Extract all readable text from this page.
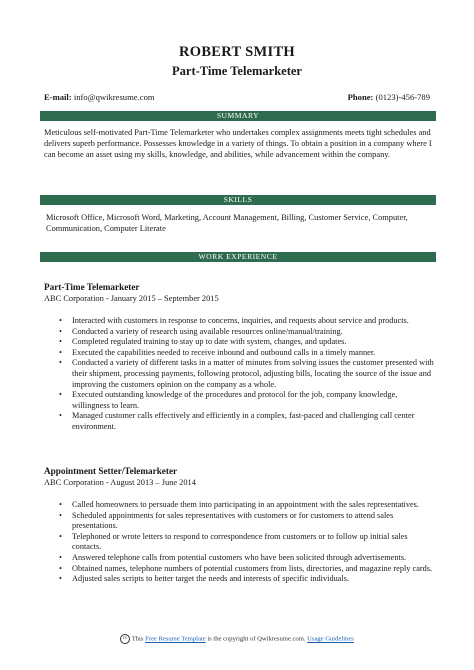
ROBERT SMITH
Part-Time Telemarketer
E-mail: info@qwikresume.com	Phone: (0123)-456-789
SUMMARY
Meticulous self-motivated Part-Time Telemarketer who undertakes complex assignments meets tight schedules and delivers superb performance. Possesses knowledge in a variety of things. To obtain a position in a company where I can become an asset using my skills, knowledge, and abilities, while advancement within the company.
SKILLS
Microsoft Office, Microsoft Word, Marketing, Account Management, Billing, Customer Service, Computer, Communication, Computer Literate
WORK EXPERIENCE
Part-Time Telemarketer
ABC Corporation - January 2015 – September 2015
• Interacted with customers in response to concerns, inquiries, and requests about service and products.
• Conducted a variety of research using available resources online/manual/training.
• Completed regulated training to stay up to date with system, changes, and updates.
• Executed the capabilities needed to receive inbound and outbound calls in a timely manner.
• Conducted a variety of different tasks in a matter of minutes from solving issues the customer presented with their shipment, processing payments, following protocol, adjusting bills, locating the source of the issue and improving the customers opinion on the company as a whole.
• Executed outstanding knowledge of the procedures and protocol for the job, company knowledge, willingness to learn.
• Managed customer calls effectively and efficiently in a complex, fast-paced and challenging call center environment.
Appointment Setter/Telemarketer
ABC Corporation - August 2013 – June 2014
• Called homeowners to persuade them into participating in an appointment with the sales representatives.
• Scheduled appointments for sales representatives with customers or for customers to attend sales presentations.
• Telephoned or wrote letters to respond to correspondence from customers or to follow up initial sales contacts.
• Answered telephone calls from potential customers who have been solicited through advertisements.
• Obtained names, telephone numbers of potential customers from lists, directories, and magazine reply cards.
• Adjusted sales scripts to better target the needs and interests of specific individuals.
cc This Free Resume Template is the copyright of Qwikresume.com. Usage Guidelines
